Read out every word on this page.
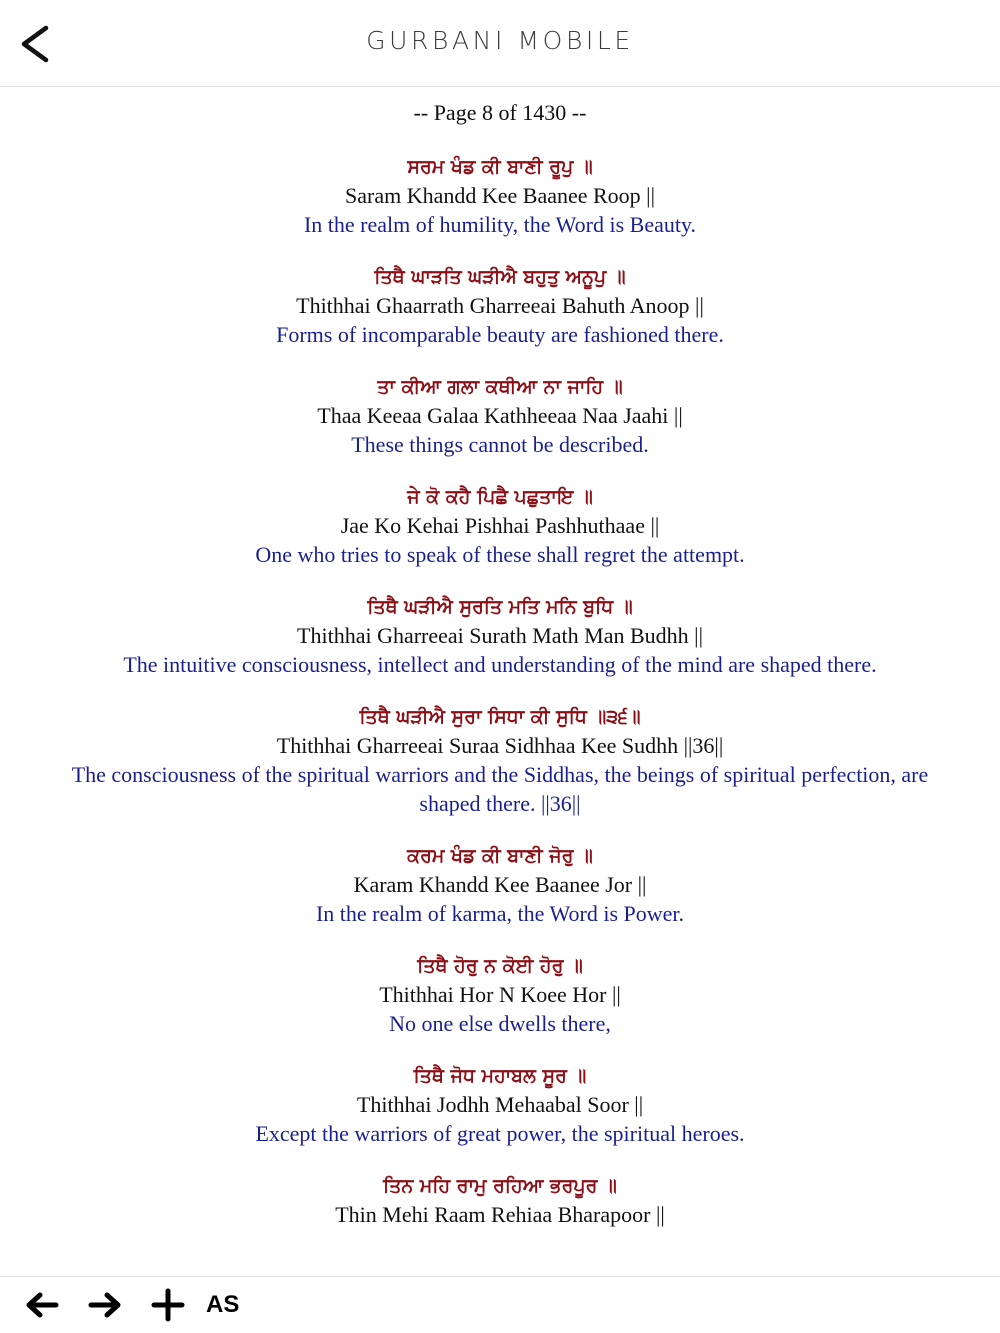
GURBANI MOBILE
-- Page 8 of 1430 --
ਸਰਮ ਖੰਡ ਕੀ ਬਾਣੀ ਰੂਪੁ ॥
Saram Khandd Kee Baanee Roop ||
In the realm of humility, the Word is Beauty.
ਤਿਥੈ ਘਾੜਤਿ ਘੜੀਐ ਬਹੁਤੁ ਅਨੂਪੁ ॥
Thithhai Ghaarrath Gharreeai Bahuth Anoop ||
Forms of incomparable beauty are fashioned there.
ਤਾ ਕੀਆ ਗਲਾ ਕਥੀਆ ਨਾ ਜਾਹਿ ॥
Thaa Keeaa Galaa Kathheeaa Naa Jaahi ||
These things cannot be described.
ਜੇ ਕੋ ਕਹੈ ਪਿਛੈ ਪਛੁਤਾਇ ॥
Jae Ko Kehai Pishhai Pashhuthaae ||
One who tries to speak of these shall regret the attempt.
ਤਿਥੈ ਘੜੀਐ ਸੁਰਤਿ ਮਤਿ ਮਨਿ ਬੁਧਿ ॥
Thithhai Gharreeai Surath Math Man Budhh ||
The intuitive consciousness, intellect and understanding of the mind are shaped there.
ਤਿਥੈ ਘੜੀਐ ਸੁਰਾ ਸਿਧਾ ਕੀ ਸੁਧਿ ॥੩੬॥
Thithhai Gharreeai Suraa Sidhhaa Kee Sudhh ||36||
The consciousness of the spiritual warriors and the Siddhas, the beings of spiritual perfection, are shaped there. ||36||
ਕਰਮ ਖੰਡ ਕੀ ਬਾਣੀ ਜੋਰੁ ॥
Karam Khandd Kee Baanee Jor ||
In the realm of karma, the Word is Power.
ਤਿਥੈ ਹੋਰੁ ਨ ਕੋਈ ਹੋਰੁ ॥
Thithhai Hor N Koee Hor ||
No one else dwells there,
ਤਿਥੈ ਜੋਧ ਮਹਾਬਲ ਸੂਰ ॥
Thithhai Jodhh Mehaabal Soor ||
Except the warriors of great power, the spiritual heroes.
ਤਿਨ ਮਹਿ ਰਾਮੁ ਰਹਿਆ ਭਰਪੂਰ ॥
Thin Mehi Raam Rehiaa Bharapoor ||
AS
